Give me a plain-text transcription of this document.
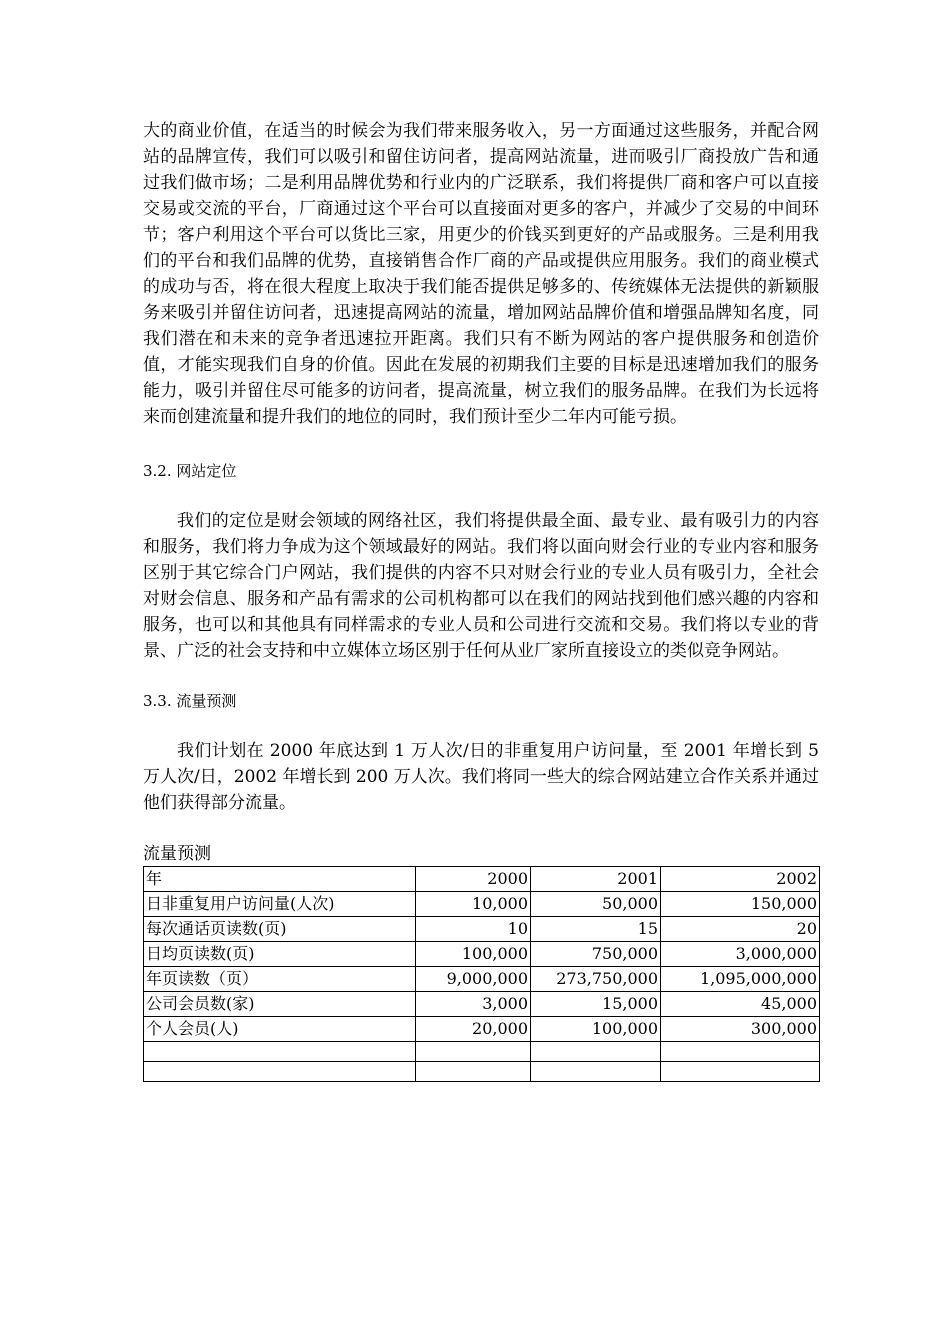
大的商业价值，在适当的时候会为我们带来服务收入，另一方面通过这些服务，并配合网站的品牌宣传，我们可以吸引和留住访问者，提高网站流量，进而吸引厂商投放广告和通过我们做市场；二是利用品牌优势和行业内的广泛联系，我们将提供厂商和客户可以直接交易或交流的平台，厂商通过这个平台可以直接面对更多的客户，并减少了交易的中间环节；客户利用这个平台可以货比三家，用更少的价钱买到更好的产品或服务。三是利用我们的平台和我们品牌的优势，直接销售合作厂商的产品或提供应用服务。我们的商业模式的成功与否，将在很大程度上取决于我们能否提供足够多的、传统媒体无法提供的新颖服务来吸引并留住访问者，迅速提高网站的流量，增加网站品牌价值和增强品牌知名度，同我们潜在和未来的竞争者迅速拉开距离。我们只有不断为网站的客户提供服务和创造价值，才能实现我们自身的价值。因此在发展的初期我们主要的目标是迅速增加我们的服务能力，吸引并留住尽可能多的访问者，提高流量，树立我们的服务品牌。在我们为长远将来而创建流量和提升我们的地位的同时，我们预计至少二年内可能亏损。

3.2. 网站定位

我们的定位是财会领域的网络社区，我们将提供最全面、最专业、最有吸引力的内容和服务，我们将力争成为这个领域最好的网站。我们将以面向财会行业的专业内容和服务区别于其它综合门户网站，我们提供的内容不只对财会行业的专业人员有吸引力，全社会对财会信息、服务和产品有需求的公司机构都可以在我们的网站找到他们感兴趣的内容和服务，也可以和其他具有同样需求的专业人员和公司进行交流和交易。我们将以专业的背景、广泛的社会支持和中立媒体立场区别于任何从业厂家所直接设立的类似竞争网站。

3.3. 流量预测

我们计划在 2000 年底达到 1 万人次/日的非重复用户访问量，至 2001 年增长到 5 万人次/日，2002 年增长到 200 万人次。我们将同一些大的综合网站建立合作关系并通过他们获得部分流量。

流量预测

年	2000	2001	2002
日非重复用户访问量(人次)	10,000	50,000	150,000
每次通话页读数(页)	10	15	20
日均页读数(页)	100,000	750,000	3,000,000
年页读数（页）	9,000,000	273,750,000	1,095,000,000
公司会员数(家)	3,000	15,000	45,000
个人会员(人)	20,000	100,000	300,000
